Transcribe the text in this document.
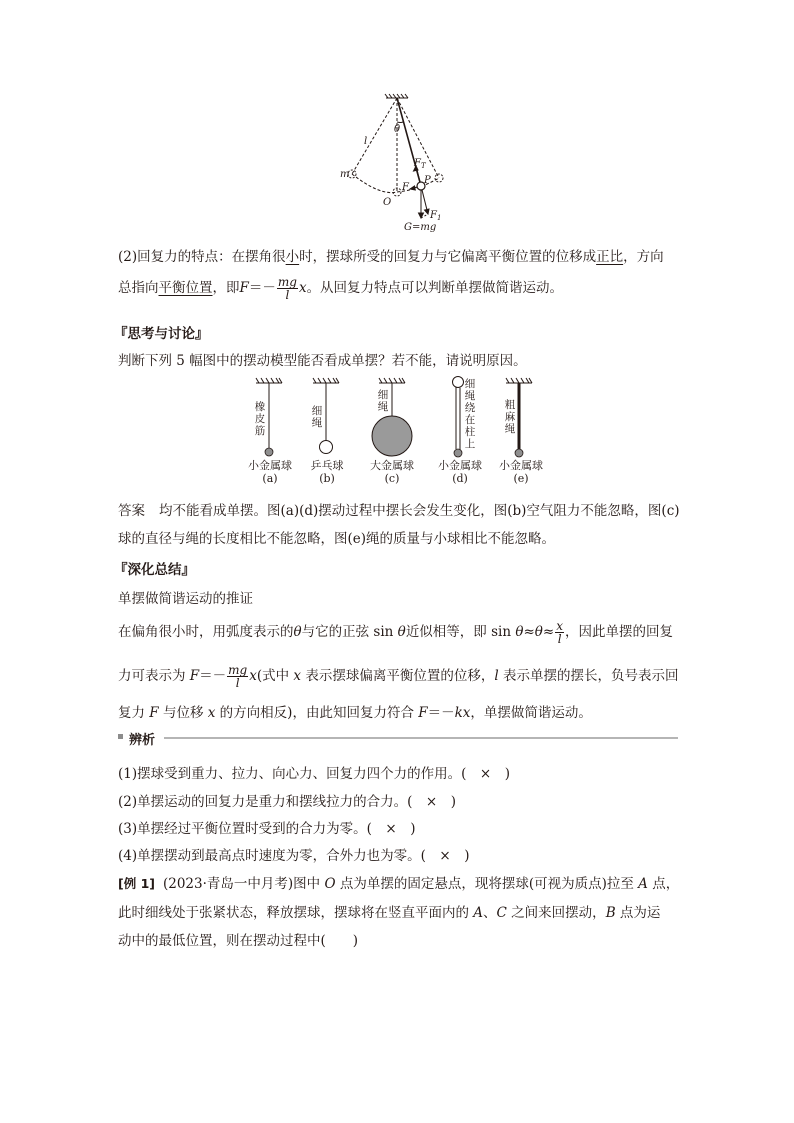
l
θ
m
$F_T$
F
P
O
$F_1$
G=mg
(2)回复力的特点：在摆角很小时，摆球所受的回复力与它偏离平衡位置的位移成正比，方向
总指向平衡位置，即$F=- \frac{mg}{l}$ x。从回复力特点可以判断单摆做简谐运动。
『思考与讨论』
判断下列 5 幅图中的摆动模型能否看成单摆？若不能，请说明原因。
橡
皮
筋
细
绳
细
绳
细
绳
绕
在
柱
上
粗
麻
绳
小金属球
(a)
乒乓球
(b)
大金属球
(c)
小金属球
(d)
小金属球
(e)
答案 均不能看成单摆。图(a)(d)摆动过程中摆长会发生变化，图(b)空气阻力不能忽略，图(c)
球的直径与绳的长度相比不能忽略，图(e)绳的质量与小球相比不能忽略。
『深化总结』
单摆做简谐运动的推证
在偏角很小时，用弧度表示的θ与它的正弦 sin θ近似相等，即 $\sin \theta\approx\theta\approx \frac{x}{l}$ ，因此单摆的回复
力可表示为 $F=- \frac{mg}{l} x$(式中 x 表示摆球偏离平衡位置的位移，l 表示单摆的摆长，负号表示回
复力 F 与位移 x 的方向相反)，由此知回复力符合 F＝－kx，单摆做简谐运动。
辨析
(1)摆球受到重力、拉力、向心力、回复力四个力的作用。(　×　)
(2)单摆运动的回复力是重力和摆线拉力的合力。(　×　)
(3)单摆经过平衡位置时受到的合力为零。(　×　)
(4)单摆摆动到最高点时速度为零，合外力也为零。(　×　)
[例 1] (2023·青岛一中月考)图中 O 点为单摆的固定悬点，现将摆球(可视为质点)拉至 A 点，
此时细线处于张紧状态，释放摆球，摆球将在竖直平面内的 A、C 之间来回摆动，B 点为运
动中的最低位置，则在摆动过程中(　　)
